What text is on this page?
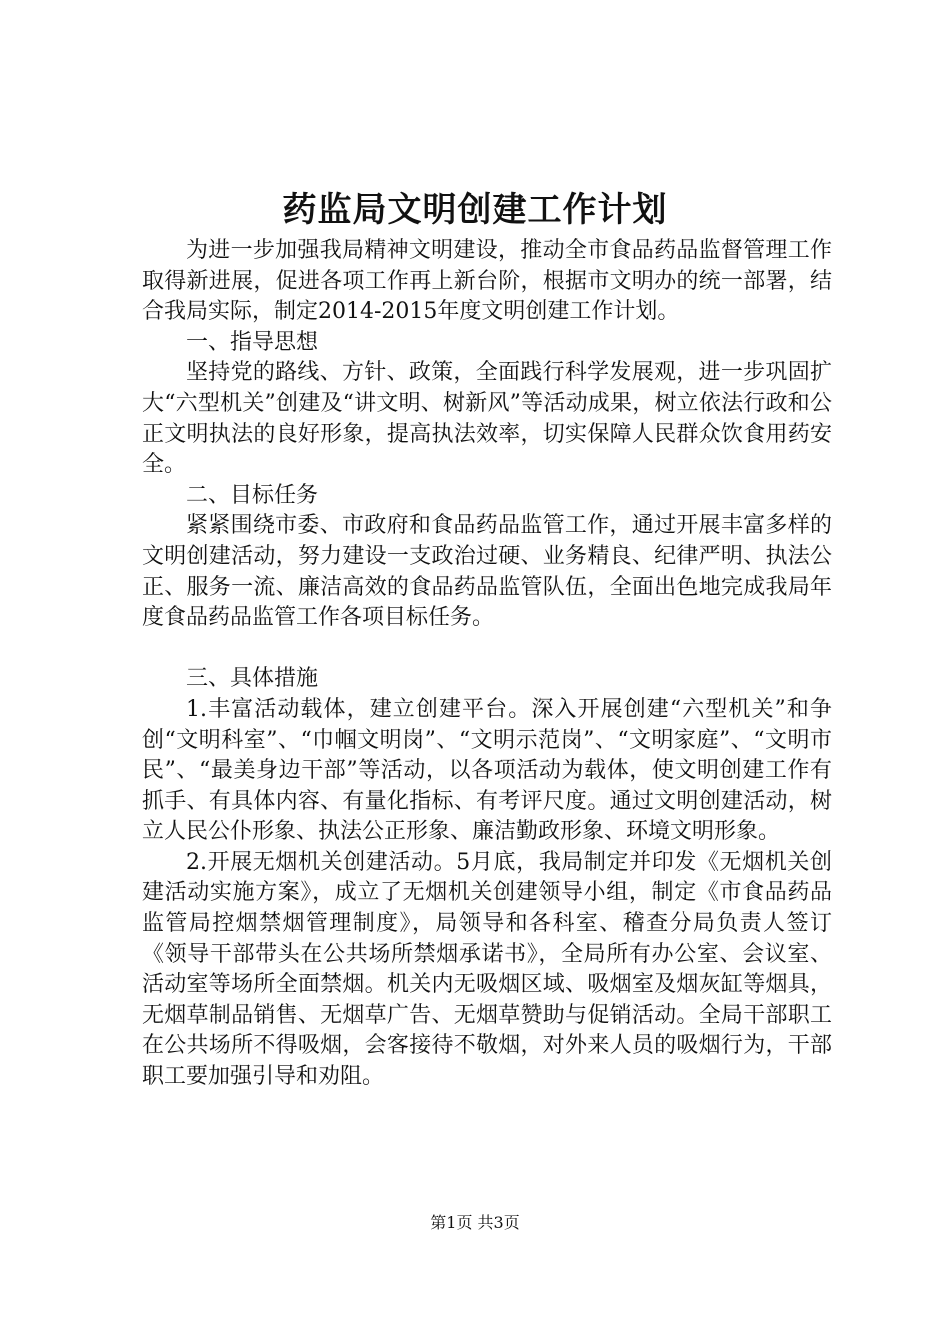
药监局文明创建工作计划

为进一步加强我局精神文明建设，推动全市食品药品监督管理工作取得新进展，促进各项工作再上新台阶，根据市文明办的统一部署，结合我局实际，制定2014-2015年度文明创建工作计划。

一、指导思想

坚持党的路线、方针、政策，全面践行科学发展观，进一步巩固扩大“六型机关”创建及“讲文明、树新风”等活动成果，树立依法行政和公正文明执法的良好形象，提高执法效率，切实保障人民群众饮食用药安全。

二、目标任务

紧紧围绕市委、市政府和食品药品监管工作，通过开展丰富多样的文明创建活动，努力建设一支政治过硬、业务精良、纪律严明、执法公正、服务一流、廉洁高效的食品药品监管队伍，全面出色地完成我局年度食品药品监管工作各项目标任务。

三、具体措施

1.丰富活动载体，建立创建平台。深入开展创建“六型机关”和争创“文明科室”、“巾帼文明岗”、“文明示范岗”、“文明家庭”、“文明市民”、“最美身边干部”等活动，以各项活动为载体，使文明创建工作有抓手、有具体内容、有量化指标、有考评尺度。通过文明创建活动，树立人民公仆形象、执法公正形象、廉洁勤政形象、环境文明形象。

2.开展无烟机关创建活动。5月底，我局制定并印发《无烟机关创建活动实施方案》，成立了无烟机关创建领导小组，制定《市食品药品监管局控烟禁烟管理制度》，局领导和各科室、稽查分局负责人签订《领导干部带头在公共场所禁烟承诺书》，全局所有办公室、会议室、活动室等场所全面禁烟。机关内无吸烟区域、吸烟室及烟灰缸等烟具，无烟草制品销售、无烟草广告、无烟草赞助与促销活动。全局干部职工在公共场所不得吸烟，会客接待不敬烟，对外来人员的吸烟行为，干部职工要加强引导和劝阻。

第1页 共3页
